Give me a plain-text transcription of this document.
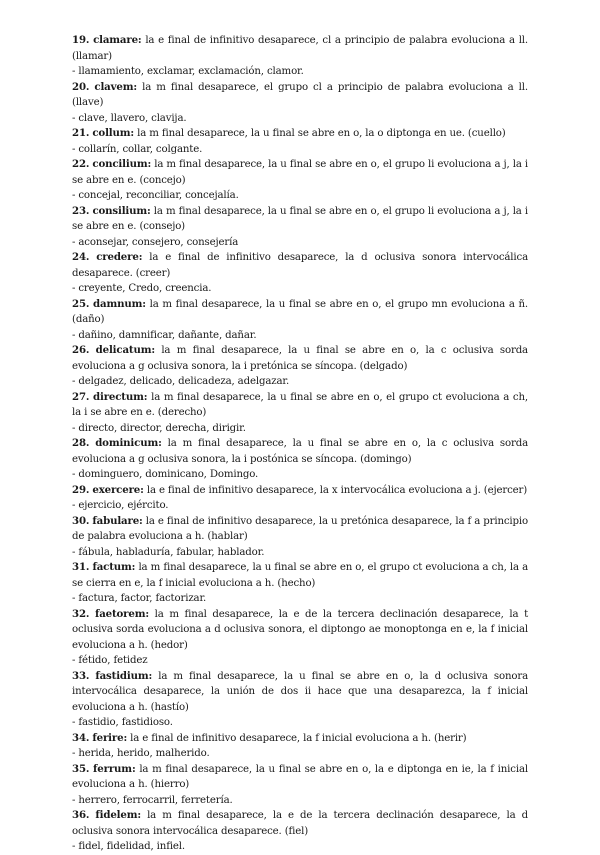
19. clamare: la e final de infinitivo desaparece, cl a principio de palabra evoluciona a ll. (llamar)
- llamamiento, exclamar, exclamación, clamor.
20. clavem: la m final desaparece, el grupo cl a principio de palabra evoluciona a ll. (llave)
- clave, llavero, clavija.
21. collum: la m final desaparece, la u final se abre en o, la o diptonga en ue. (cuello)
- collarín, collar, colgante.
22. concilium: la m final desaparece, la u final se abre en o, el grupo li evoluciona a j, la i se abre en e. (concejo)
- concejal, reconciliar, concejalía.
23. consilium: la m final desaparece, la u final se abre en o, el grupo li evoluciona a j, la i se abre en e. (consejo)
- aconsejar, consejero, consejería
24. credere: la e final de infinitivo desaparece, la d oclusiva sonora intervocálica desaparece. (creer)
- creyente, Credo, creencia.
25. damnum: la m final desaparece, la u final se abre en o, el grupo mn evoluciona a ñ. (daño)
- dañino, damnificar, dañante, dañar.
26. delicatum: la m final desaparece, la u final se abre en o, la c oclusiva sorda evoluciona a g oclusiva sonora, la i pretónica se síncopa. (delgado)
- delgadez, delicado, delicadeza, adelgazar.
27. directum: la m final desaparece, la u final se abre en o, el grupo ct evoluciona a ch, la i se abre en e. (derecho)
- directo, director, derecha, dirigir.
28. dominicum: la m final desaparece, la u final se abre en o, la c oclusiva sorda evoluciona a g oclusiva sonora, la i postónica se síncopa. (domingo)
- dominguero, dominicano, Domingo.
29. exercere: la e final de infinitivo desaparece, la x intervocálica evoluciona a j. (ejercer)
- ejercicio, ejército.
30. fabulare: la e final de infinitivo desaparece, la u pretónica desaparece, la f a principio de palabra evoluciona a h. (hablar)
- fábula, habladuría, fabular, hablador.
31. factum: la m final desaparece, la u final se abre en o, el grupo ct evoluciona a ch, la a se cierra en e, la f inicial evoluciona a h. (hecho)
- factura, factor, factorizar.
32. faetorem: la m final desaparece, la e de la tercera declinación desaparece, la t oclusiva sorda evoluciona a d oclusiva sonora, el diptongo ae monoptonga en e, la f inicial evoluciona a h. (hedor)
- fétido, fetidez
33. fastidium: la m final desaparece, la u final se abre en o, la d oclusiva sonora intervocálica desaparece, la unión de dos ii hace que una desaparezca, la f inicial evoluciona a h. (hastío)
- fastidio, fastidioso.
34. ferire: la e final de infinitivo desaparece, la f inicial evoluciona a h. (herir)
- herida, herido, malherido.
35. ferrum: la m final desaparece, la u final se abre en o, la e diptonga en ie, la f inicial evoluciona a h. (hierro)
- herrero, ferrocarril, ferretería.
36. fidelem: la m final desaparece, la e de la tercera declinación desaparece, la d oclusiva sonora intervocálica desaparece. (fiel)
- fidel, fidelidad, infiel.
